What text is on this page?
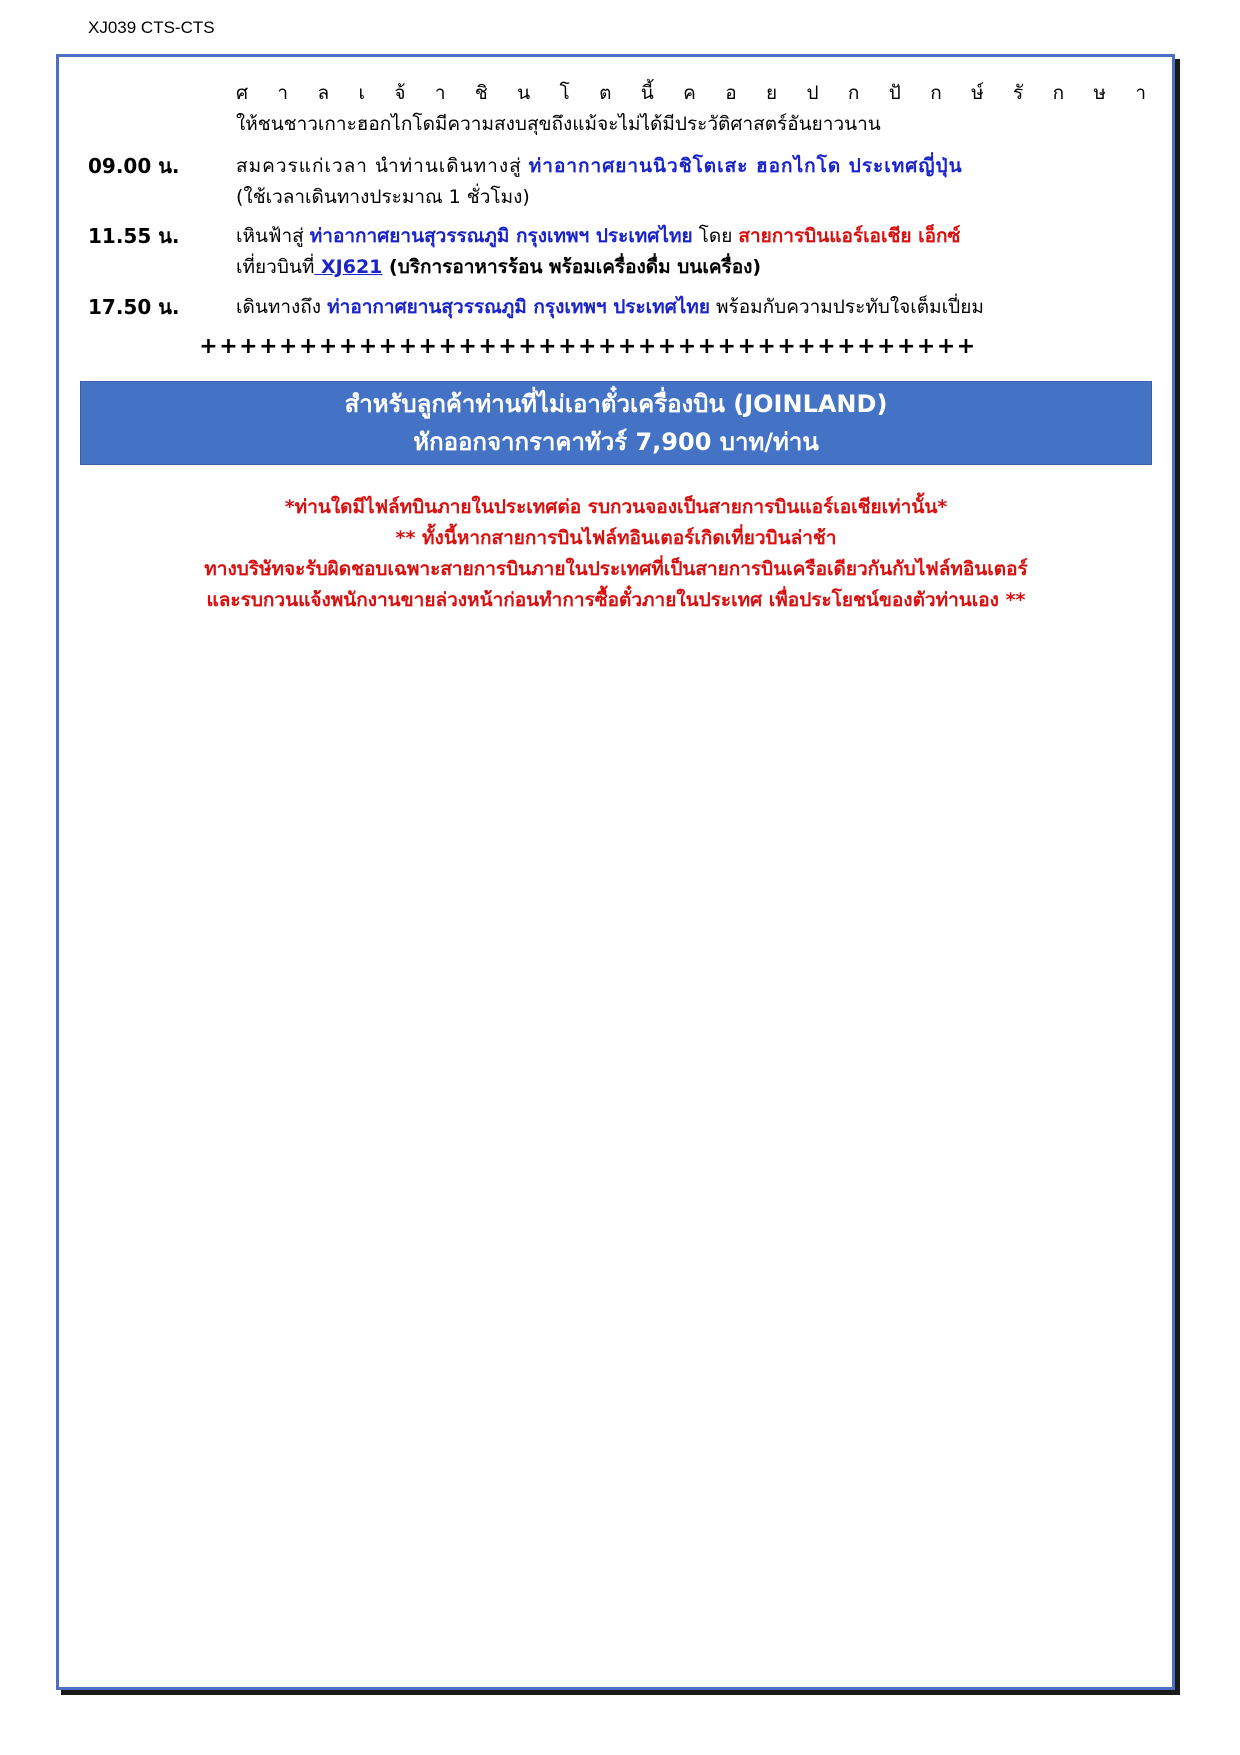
XJ039 CTS-CTS
ศ า ล เ จ้ า ชิ น โ ต นี้ ค อ ย ป ก ปั ก ษ์ รั ก ษ า
ให้ชนชาวเกาะฮอกไกโดมีความสงบสุขถึงแม้จะไม่ได้มีประวัติศาสตร์อันยาวนาน
09.00 น.	สมควรแก่เวลา นำท่านเดินทางสู่ ท่าอากาศยานนิวชิโตเสะ ฮอกไกโด ประเทศญี่ปุ่น
(ใช้เวลาเดินทางประมาณ 1 ชั่วโมง)
11.55 น.	เหินฟ้าสู่ ท่าอากาศยานสุวรรณภูมิ กรุงเทพฯ ประเทศไทย โดย สายการบินแอร์เอเชีย เอ็กซ์
เที่ยวบินที่ XJ621 (บริการอาหารร้อน พร้อมเครื่องดื่ม บนเครื่อง)
17.50 น.	เดินทางถึง ท่าอากาศยานสุวรรณภูมิ กรุงเทพฯ ประเทศไทย พร้อมกับความประทับใจเต็มเปี่ยม
+++++++++++++++++++++++++++++++++++++++
สำหรับลูกค้าท่านที่ไม่เอาตั๋วเครื่องบิน (JOINLAND)
หักออกจากราคาทัวร์ 7,900 บาท/ท่าน
*ท่านใดมีไฟล์ทบินภายในประเทศต่อ รบกวนจองเป็นสายการบินแอร์เอเชียเท่านั้น*
** ทั้งนี้หากสายการบินไฟล์ทอินเตอร์เกิดเที่ยวบินล่าช้า
ทางบริษัทจะรับผิดชอบเฉพาะสายการบินภายในประเทศที่เป็นสายการบินเครือเดียวกันกับไฟล์ทอินเตอร์
และรบกวนแจ้งพนักงานขายล่วงหน้าก่อนทำการซื้อตั๋วภายในประเทศ เพื่อประโยชน์ของตัวท่านเอง **
